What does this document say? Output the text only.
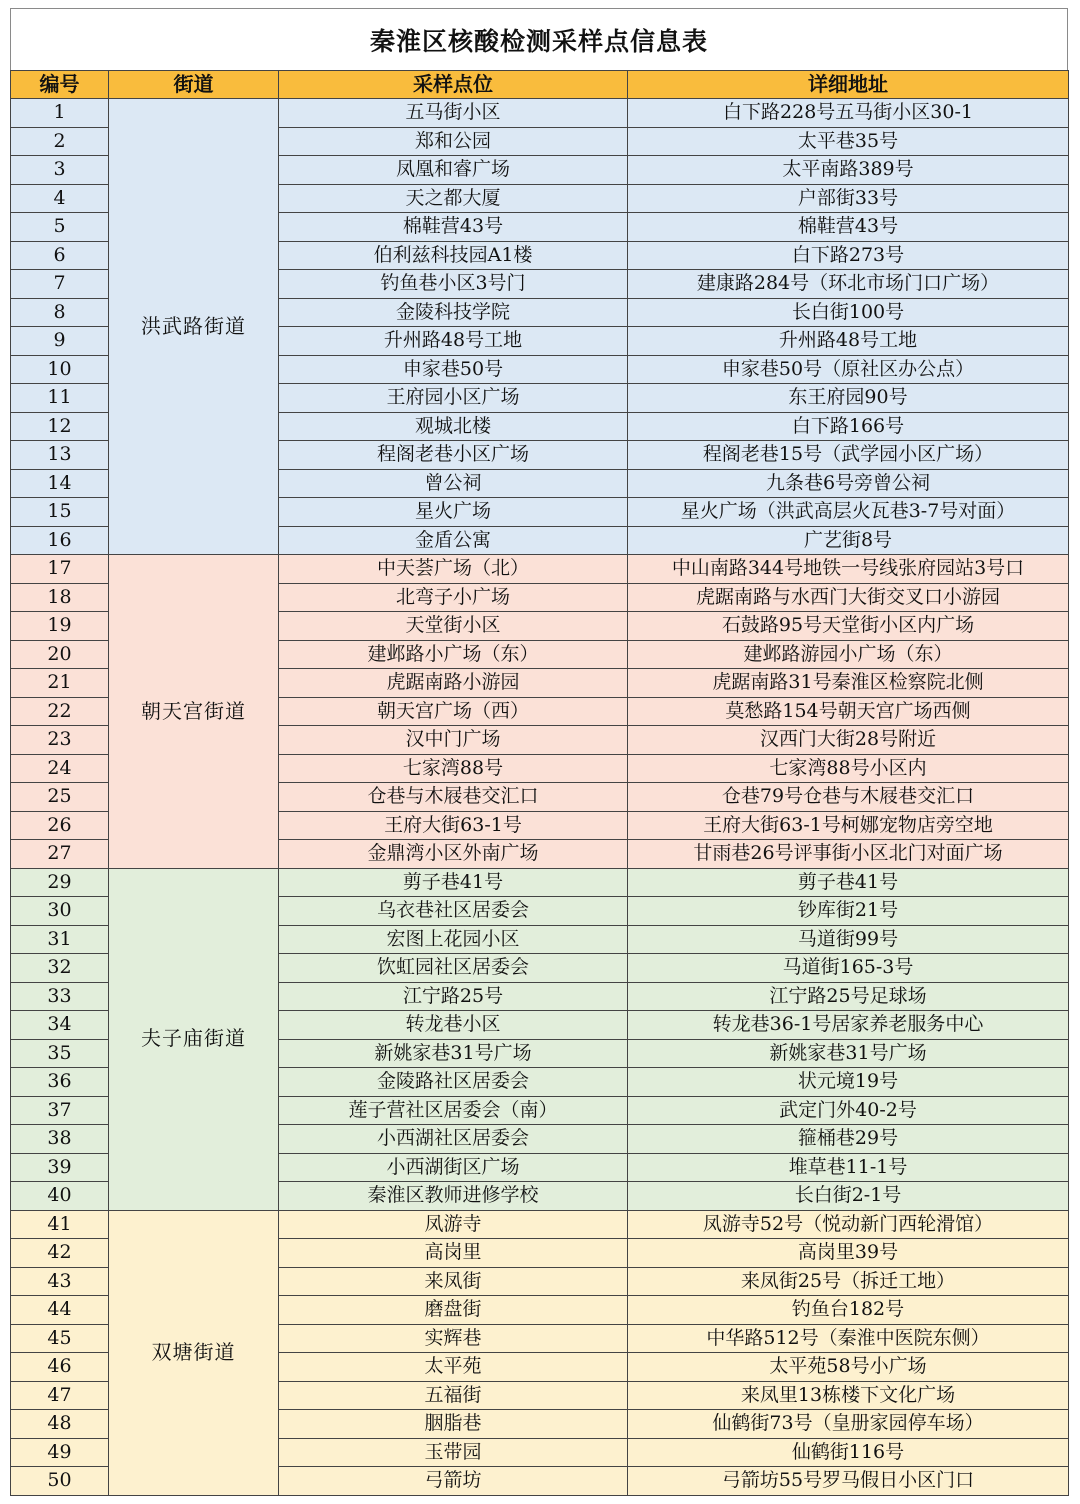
秦淮区核酸检测采样点信息表
编号	街道	采样点位	详细地址
1	洪武路街道	五马街小区	白下路228号五马街小区30-1
2		郑和公园	太平巷35号
3		凤凰和睿广场	太平南路389号
4		天之都大厦	户部街33号
5		棉鞋营43号	棉鞋营43号
6		伯利兹科技园A1楼	白下路273号
7		钓鱼巷小区3号门	建康路284号（环北市场门口广场）
8		金陵科技学院	长白街100号
9		升州路48号工地	升州路48号工地
10		申家巷50号	申家巷50号（原社区办公点）
11		王府园小区广场	东王府园90号
12		观城北楼	白下路166号
13		程阁老巷小区广场	程阁老巷15号（武学园小区广场）
14		曾公祠	九条巷6号旁曾公祠
15		星火广场	星火广场（洪武高层火瓦巷3-7号对面）
16		金盾公寓	广艺街8号
17	朝天宫街道	中天荟广场（北）	中山南路344号地铁一号线张府园站3号口
18		北弯子小广场	虎踞南路与水西门大街交叉口小游园
19		天堂街小区	石鼓路95号天堂街小区内广场
20		建邺路小广场（东）	建邺路游园小广场（东）
21		虎踞南路小游园	虎踞南路31号秦淮区检察院北侧
22		朝天宫广场（西）	莫愁路154号朝天宫广场西侧
23		汉中门广场	汉西门大街28号附近
24		七家湾88号	七家湾88号小区内
25		仓巷与木屐巷交汇口	仓巷79号仓巷与木屐巷交汇口
26		王府大街63-1号	王府大街63-1号柯娜宠物店旁空地
27		金鼎湾小区外南广场	甘雨巷26号评事街小区北门对面广场
29	夫子庙街道	剪子巷41号	剪子巷41号
30		乌衣巷社区居委会	钞库街21号
31		宏图上花园小区	马道街99号
32		饮虹园社区居委会	马道街165-3号
33		江宁路25号	江宁路25号足球场
34		转龙巷小区	转龙巷36-1号居家养老服务中心
35		新姚家巷31号广场	新姚家巷31号广场
36		金陵路社区居委会	状元境19号
37		莲子营社区居委会（南）	武定门外40-2号
38		小西湖社区居委会	箍桶巷29号
39		小西湖街区广场	堆草巷11-1号
40		秦淮区教师进修学校	长白街2-1号
41	双塘街道	凤游寺	凤游寺52号（悦动新门西轮滑馆）
42		高岗里	高岗里39号
43		来凤街	来凤街25号（拆迁工地）
44		磨盘街	钓鱼台182号
45		实辉巷	中华路512号（秦淮中医院东侧）
46		太平苑	太平苑58号小广场
47		五福街	来凤里13栋楼下文化广场
48		胭脂巷	仙鹤街73号（皇册家园停车场）
49		玉带园	仙鹤街116号
50		弓箭坊	弓箭坊55号罗马假日小区门口
